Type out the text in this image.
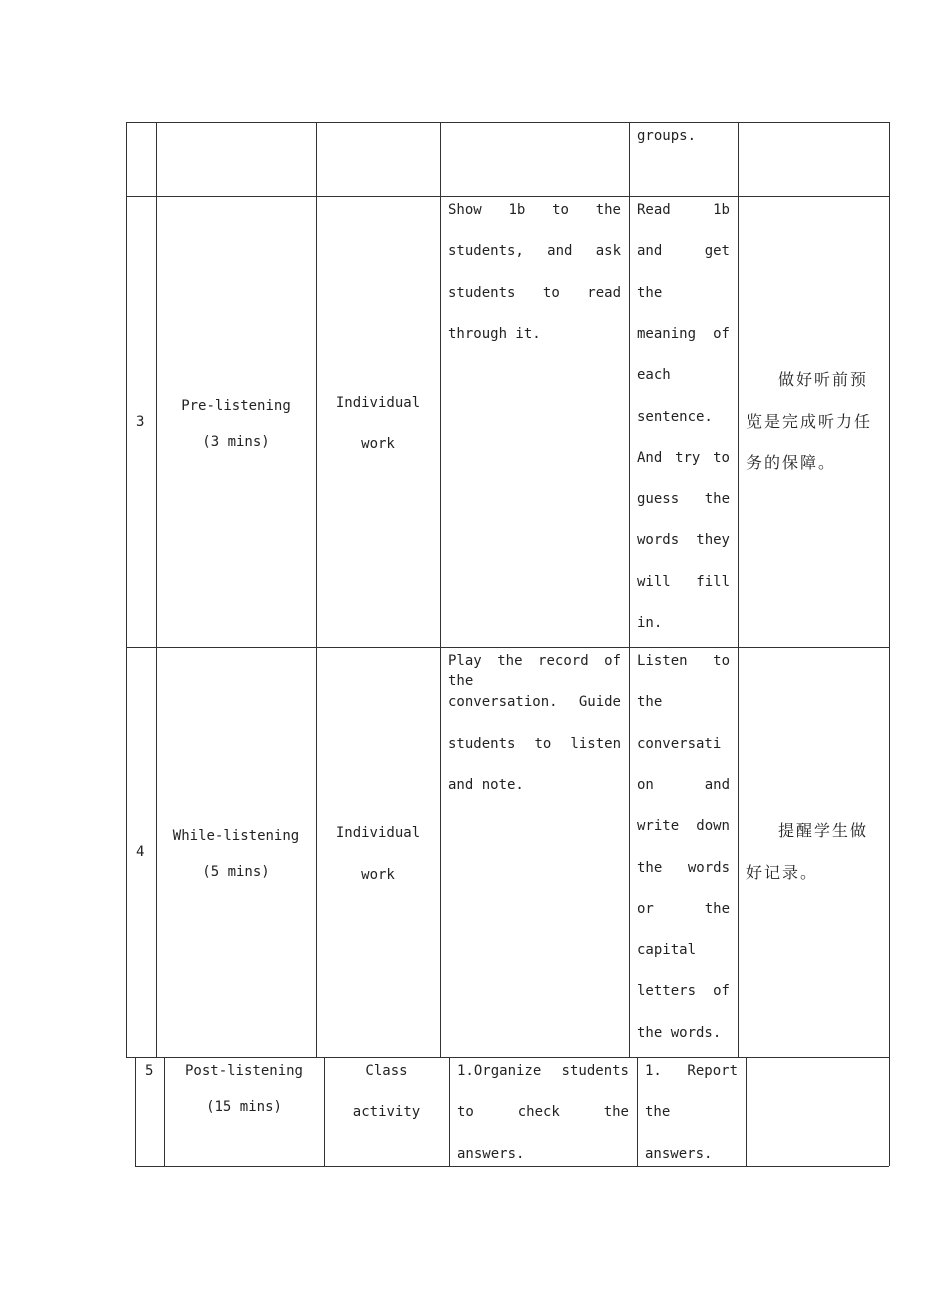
groups.
3
Pre-listening
(3 mins)
Individual
work
Show 1b to the
students, and ask
students to read
through it.
Read 1b
and get
the
meaning of
each
sentence.
And try to
guess the
words they
will fill
in.
做好听前预
览是完成听力任
务的保障。
4
While-listening
(5 mins)
Individual
work
Play the record of the
conversation. Guide
students to listen
and note.
Listen to
the
conversati
on and
write down
the words
or the
capital
letters of
the words.
提醒学生做
好记录。
5	Post-listening
(15 mins)
Class
activity
1.Organize students
to check the
answers.
1. Report
the
answers.
